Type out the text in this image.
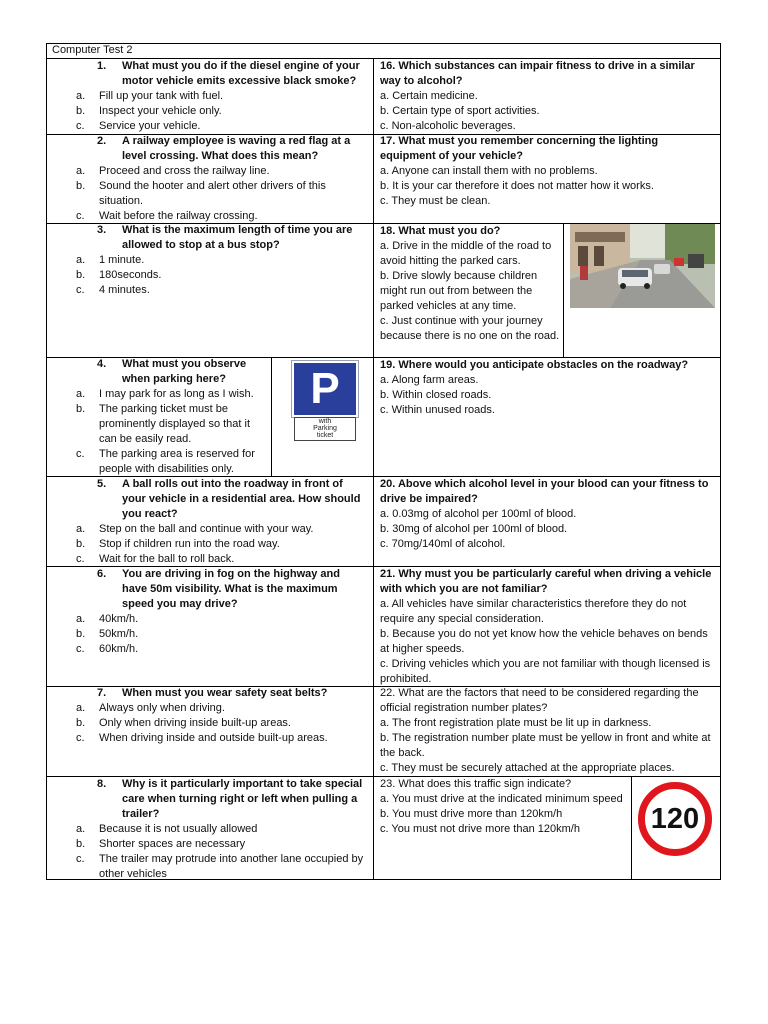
Computer Test 2
1. What must you do if the diesel engine of your motor vehicle emits excessive black smoke?
a. Fill up your tank with fuel.
b. Inspect your vehicle only.
c. Service your vehicle.
2. A railway employee is waving a red flag at a level crossing. What does this mean?
a. Proceed and cross the railway line.
b. Sound the hooter and alert other drivers of this situation.
c. Wait before the railway crossing.
3. What is the maximum length of time you are allowed to stop at a bus stop?
a. 1 minute.
b. 180seconds.
c. 4 minutes.
4. What must you observe when parking here?
a. I may park for as long as I wish.
b. The parking ticket must be prominently displayed so that it can be easily read.
c. The parking area is reserved for people with disabilities only.
5. A ball rolls out into the roadway in front of your vehicle in a residential area. How should you react?
a. Step on the ball and continue with your way.
b. Stop if children run into the road way.
c. Wait for the ball to roll back.
6. You are driving in fog on the highway and have 50m visibility. What is the maximum speed you may drive?
a. 40km/h.
b. 50km/h.
c. 60km/h.
7. When must you wear safety seat belts?
a. Always only when driving.
b. Only when driving inside built-up areas.
c. When driving inside and outside built-up areas.
8. Why is it particularly important to take special care when turning right or left when pulling a trailer?
a. Because it is not usually allowed
b. Shorter spaces are necessary
c. The trailer may protrude into another lane occupied by other vehicles
16. Which substances can impair fitness to drive in a similar way to alcohol?
a. Certain medicine.
b. Certain type of sport activities.
c. Non-alcoholic beverages.
17. What must you remember concerning the lighting equipment of your vehicle?
a. Anyone can install them with no problems.
b. It is your car therefore it does not matter how it works.
c. They must be clean.
18. What must you do?
a. Drive in the middle of the road to avoid hitting the parked cars.
b. Drive slowly because children might run out from between the parked vehicles at any time.
c. Just continue with your journey because there is no one on the road.
19. Where would you anticipate obstacles on the roadway?
a. Along farm areas.
b. Within closed roads.
c. Within unused roads.
20. Above which alcohol level in your blood can your fitness to drive be impaired?
a. 0.03mg of alcohol per 100ml of blood.
b. 30mg of alcohol per 100ml of blood.
c. 70mg/140ml of alcohol.
21. Why must you be particularly careful when driving a vehicle with which you are not familiar?
a. All vehicles have similar characteristics therefore they do not require any special consideration.
b. Because you do not yet know how the vehicle behaves on bends at higher speeds.
c. Driving vehicles which you are not familiar with though licensed is prohibited.
22. What are the factors that need to be considered regarding the official registration number plates?
a. The front registration plate must be lit up in darkness.
b. The registration number plate must be yellow in front and white at the back.
c. They must be securely attached at the appropriate places.
23. What does this traffic sign indicate?
a. You must drive at the indicated minimum speed
b. You must drive more than 120km/h
c. You must not drive more than 120km/h
P
with
Parking
ticket
120
